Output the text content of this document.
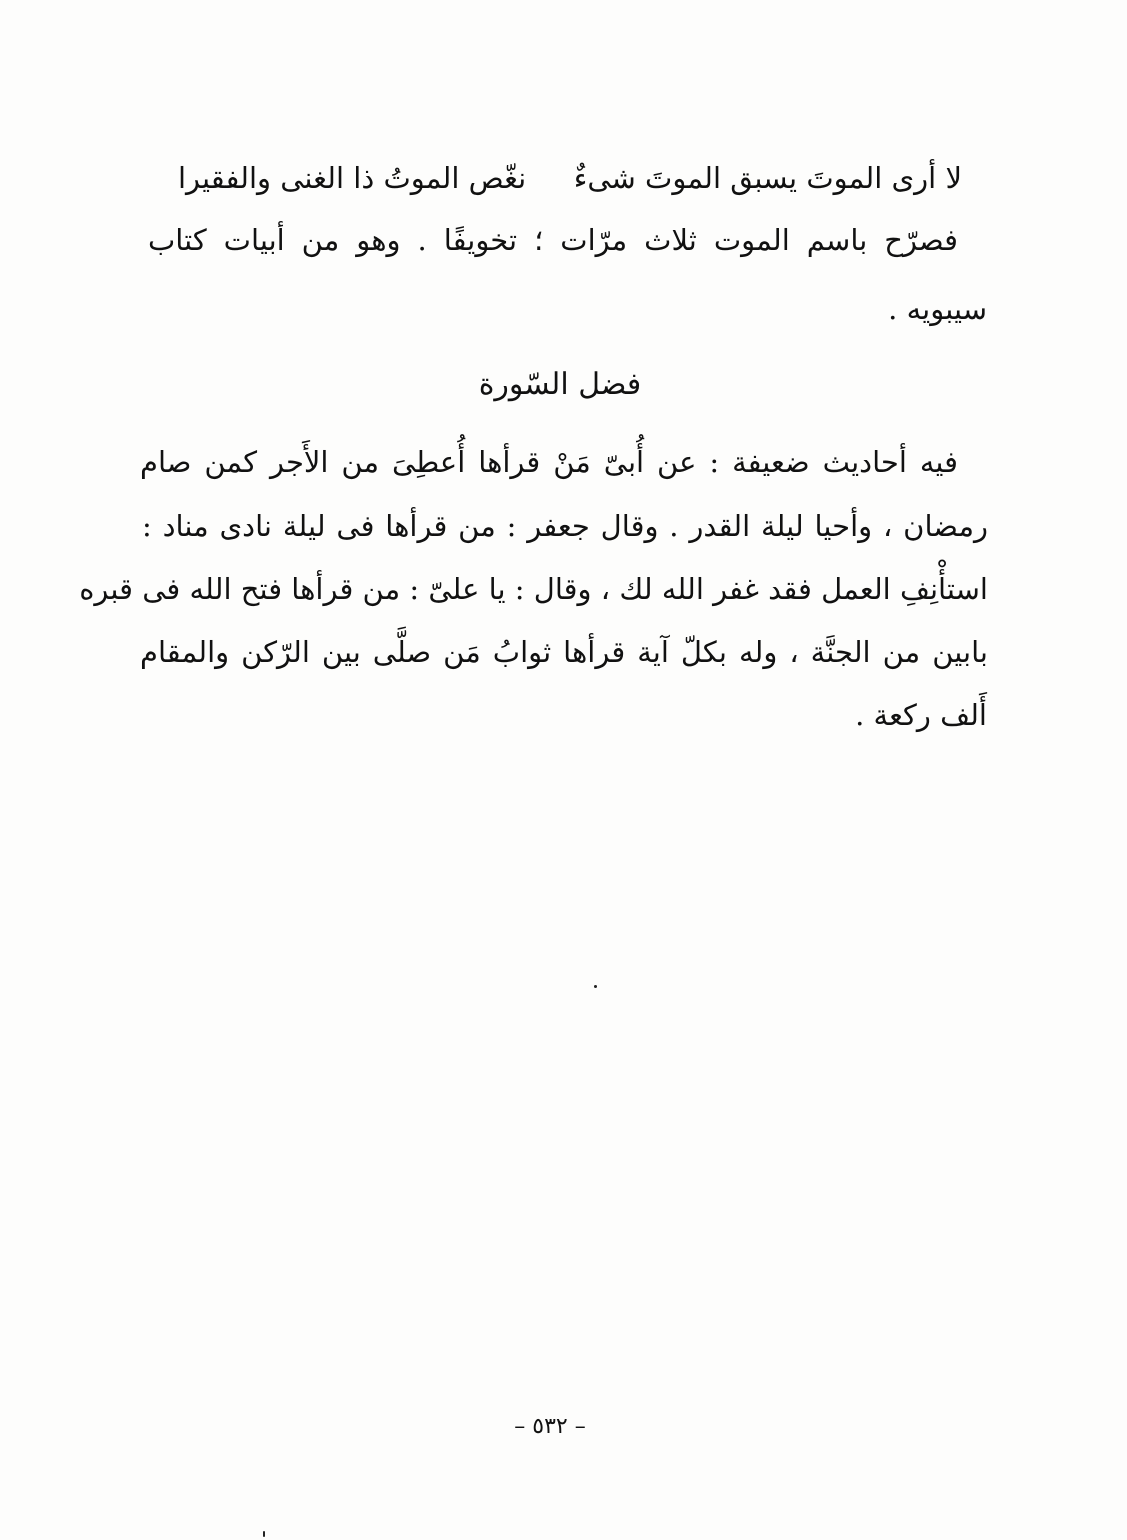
لا أرى الموتَ يسبق الموتَ شىءٌ
نغّص الموتُ ذا الغنى والفقيرا
فصرّح باسم الموت ثلاث مرّات ؛ تخويفًا . وهو من أبيات كتاب
سيبويه .
فضل السّورة
فيه أحاديث ضعيفة : عن أُبىّ مَنْ قرأها أُعطِىَ من الأَجر كمن صام
رمضان ، وأحيا ليلة القدر . وقال جعفر : من قرأها فى ليلة نادى مناد :
استأْنِفِ العمل فقد غفر الله لك ، وقال : يا علىّ : من قرأها فتح الله فى قبره
بابين من الجنَّة ، وله بكلّ آية قرأها ثوابُ مَن صلَّى بين الرّكن والمقام
أَلف ركعة .
– ٥٣٢ –
